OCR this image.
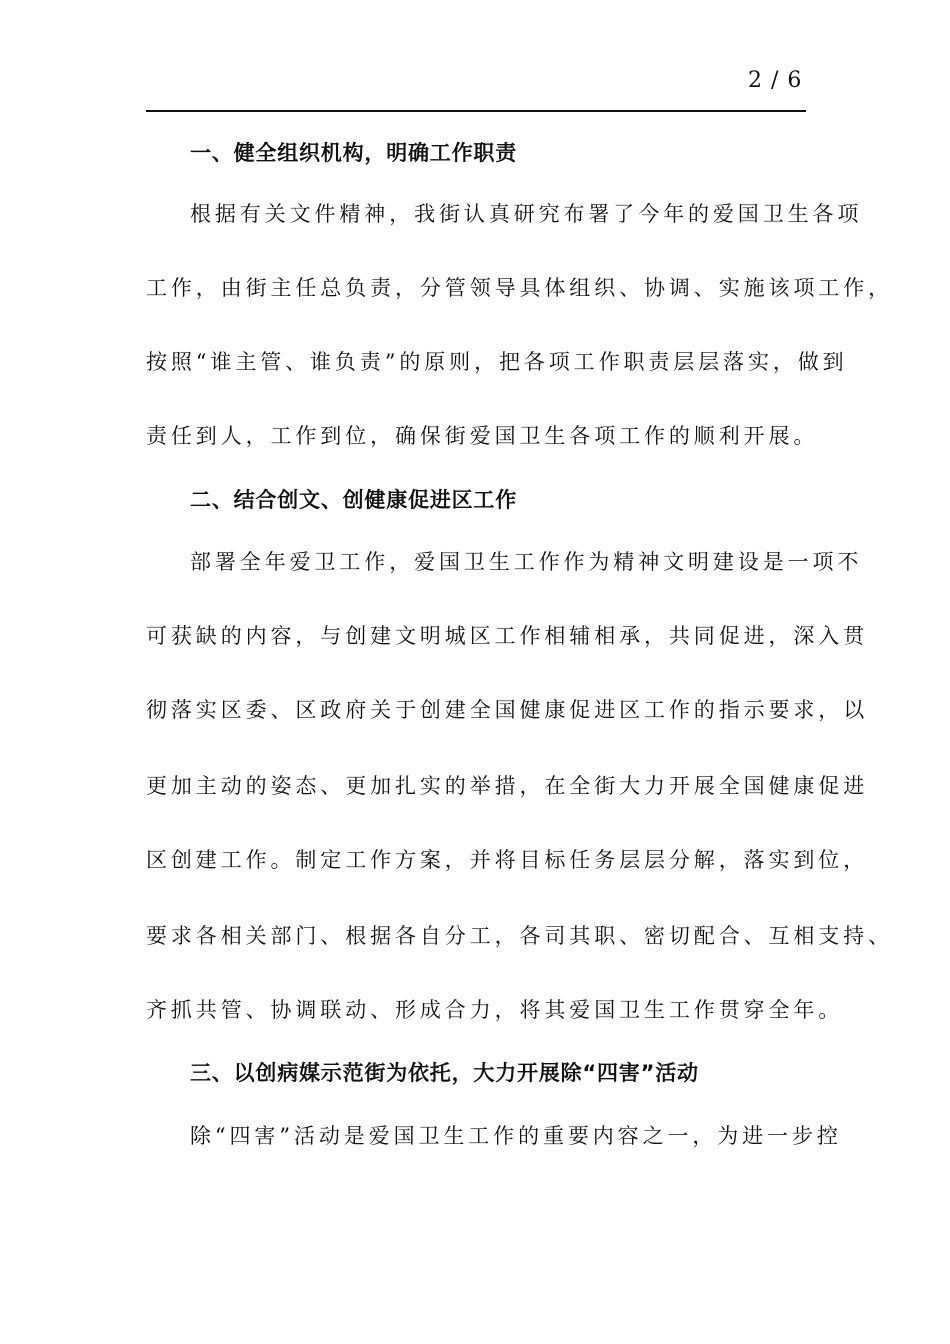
2 / 6
一、健全组织机构，明确工作职责
根据有关文件精神，我街认真研究布署了今年的爱国卫生各项
工作，由街主任总负责，分管领导具体组织、协调、实施该项工作，
按照“谁主管、谁负责”的原则，把各项工作职责层层落实，做到
责任到人，工作到位，确保街爱国卫生各项工作的顺利开展。
二、结合创文、创健康促进区工作
部署全年爱卫工作，爱国卫生工作作为精神文明建设是一项不
可获缺的内容，与创建文明城区工作相辅相承，共同促进，深入贯
彻落实区委、区政府关于创建全国健康促进区工作的指示要求，以
更加主动的姿态、更加扎实的举措，在全街大力开展全国健康促进
区创建工作。制定工作方案，并将目标任务层层分解，落实到位，
要求各相关部门、根据各自分工，各司其职、密切配合、互相支持、
齐抓共管、协调联动、形成合力，将其爱国卫生工作贯穿全年。
三、以创病媒示范街为依托，大力开展除“四害”活动
除“四害”活动是爱国卫生工作的重要内容之一，为进一步控
